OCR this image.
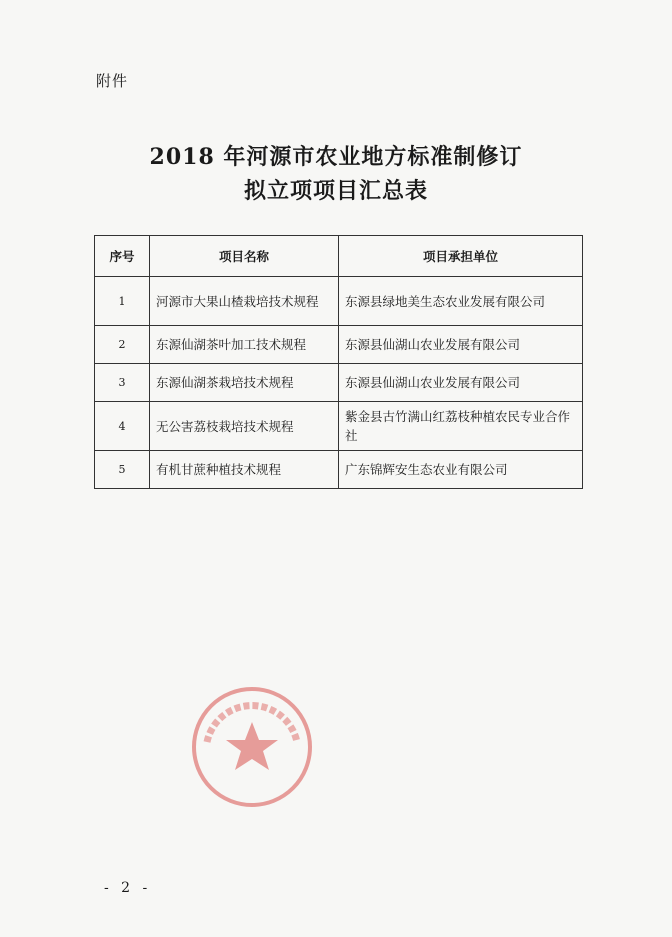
附件
2018 年河源市农业地方标准制修订
拟立项项目汇总表
序号	项目名称	项目承担单位
1	河源市大果山楂栽培技术规程	东源县绿地美生态农业发展有限公司
2	东源仙湖茶叶加工技术规程	东源县仙湖山农业发展有限公司
3	东源仙湖茶栽培技术规程	东源县仙湖山农业发展有限公司
4	无公害荔枝栽培技术规程	紫金县古竹满山红荔枝种植农民专业合作社
5	有机甘蔗种植技术规程	广东锦辉安生态农业有限公司
- 2 -
